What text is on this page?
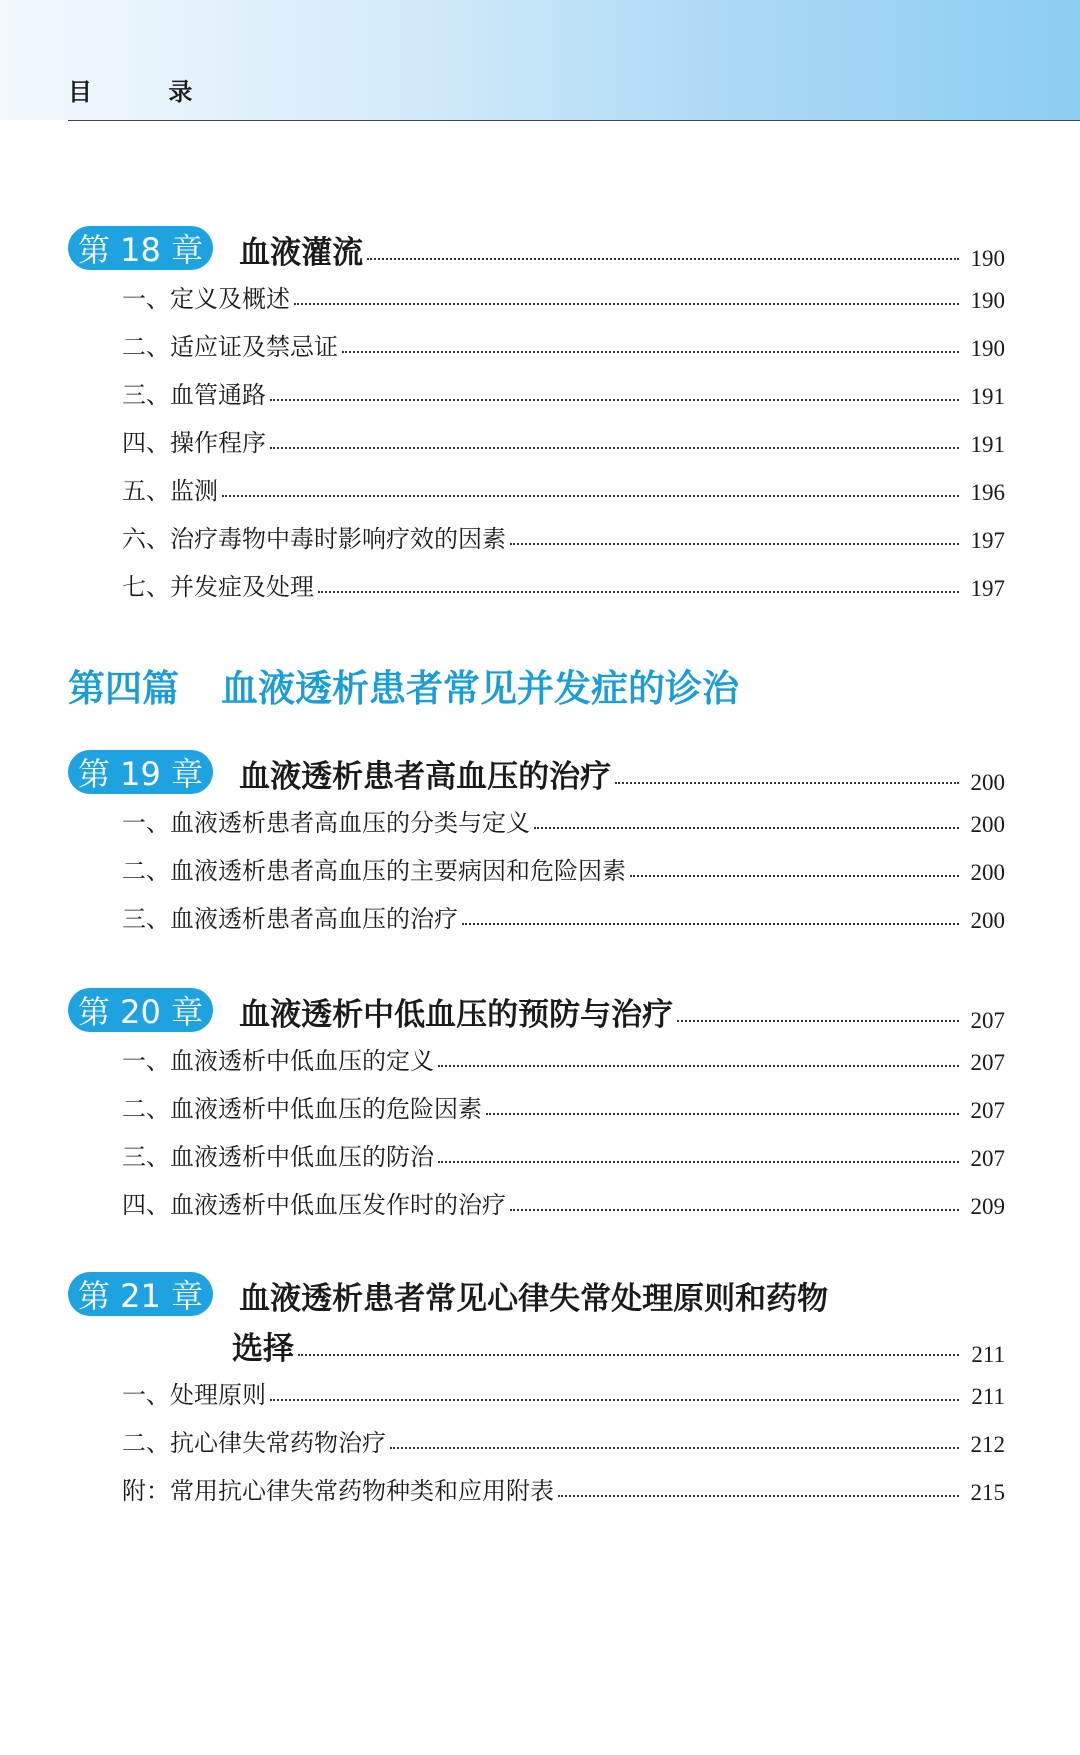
目 录
第 18 章	血液灌流	190
一、定义及概述	190
二、适应证及禁忌证	190
三、血管通路	191
四、操作程序	191
五、监测	196
六、治疗毒物中毒时影响疗效的因素	197
七、并发症及处理	197
第四篇 血液透析患者常见并发症的诊治
第 19 章	血液透析患者高血压的治疗	200
一、血液透析患者高血压的分类与定义	200
二、血液透析患者高血压的主要病因和危险因素	200
三、血液透析患者高血压的治疗	200
第 20 章	血液透析中低血压的预防与治疗	207
一、血液透析中低血压的定义	207
二、血液透析中低血压的危险因素	207
三、血液透析中低血压的防治	207
四、血液透析中低血压发作时的治疗	209
第 21 章	血液透析患者常见心律失常处理原则和药物
选择	211
一、处理原则	211
二、抗心律失常药物治疗	212
附：常用抗心律失常药物种类和应用附表	215
